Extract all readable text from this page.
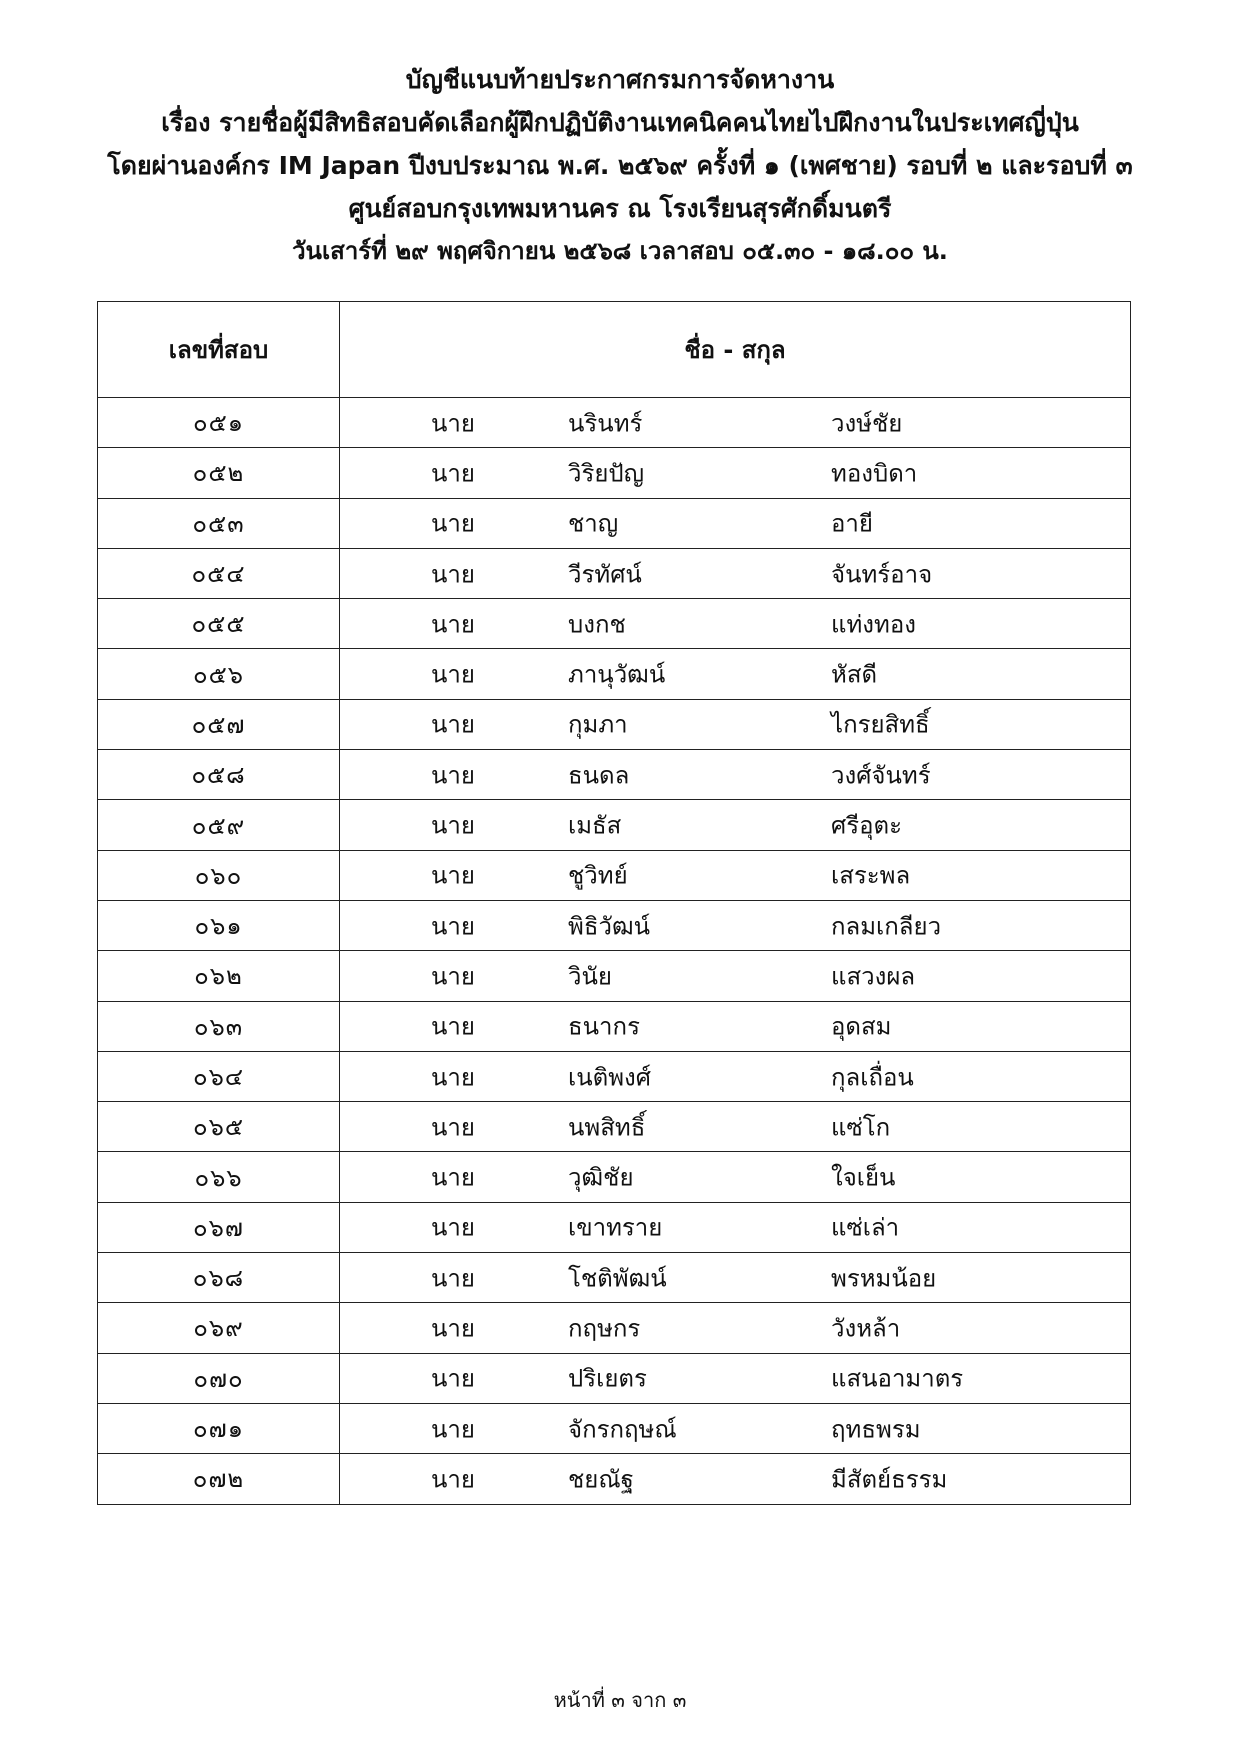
บัญชีแนบท้ายประกาศกรมการจัดหางาน
เรื่อง รายชื่อผู้มีสิทธิสอบคัดเลือกผู้ฝึกปฏิบัติงานเทคนิคคนไทยไปฝึกงานในประเทศญี่ปุ่น
โดยผ่านองค์กร IM Japan ปีงบประมาณ พ.ศ. ๒๕๖๙ ครั้งที่ ๑ (เพศชาย) รอบที่ ๒ และรอบที่ ๓
ศูนย์สอบกรุงเทพมหานคร ณ โรงเรียนสุรศักดิ์มนตรี
วันเสาร์ที่ ๒๙ พฤศจิกายน ๒๕๖๘ เวลาสอบ ๐๕.๓๐ - ๑๘.๐๐ น.
เลขที่สอบ	ชื่อ - สกุล
๐๕๑	นาย นรินทร์ วงษ์ชัย

๐๕๒	นาย วิริยปัญ ทองบิดา

๐๕๓	นาย ชาญ อายี

๐๕๔	นาย วีรทัศน์ จันทร์อาจ

๐๕๕	นาย บงกช แท่งทอง

๐๕๖	นาย ภานุวัฒน์ หัสดี

๐๕๗	นาย กุมภา ไกรยสิทธิ์

๐๕๘	นาย ธนดล วงศ์จันทร์

๐๕๙	นาย เมธัส ศรีอุตะ

๐๖๐	นาย ชูวิทย์ เสระพล

๐๖๑	นาย พิธิวัฒน์ กลมเกลียว

๐๖๒	นาย วินัย แสวงผล

๐๖๓	นาย ธนากร อุดสม

๐๖๔	นาย เนติพงศ์ กุลเถื่อน

๐๖๕	นาย นพสิทธิ์ แซ่โก

๐๖๖	นาย วุฒิชัย ใจเย็น

๐๖๗	นาย เขาทราย แซ่เล่า

๐๖๘	นาย โชติพัฒน์ พรหมน้อย

๐๖๙	นาย กฤษกร วังหล้า

๐๗๐	นาย ปริเยตร แสนอามาตร

๐๗๑	นาย จักรกฤษณ์ ฤทธพรม

๐๗๒	นาย ชยณัฐ มีสัตย์ธรรม
หน้าที่ ๓ จาก ๓
